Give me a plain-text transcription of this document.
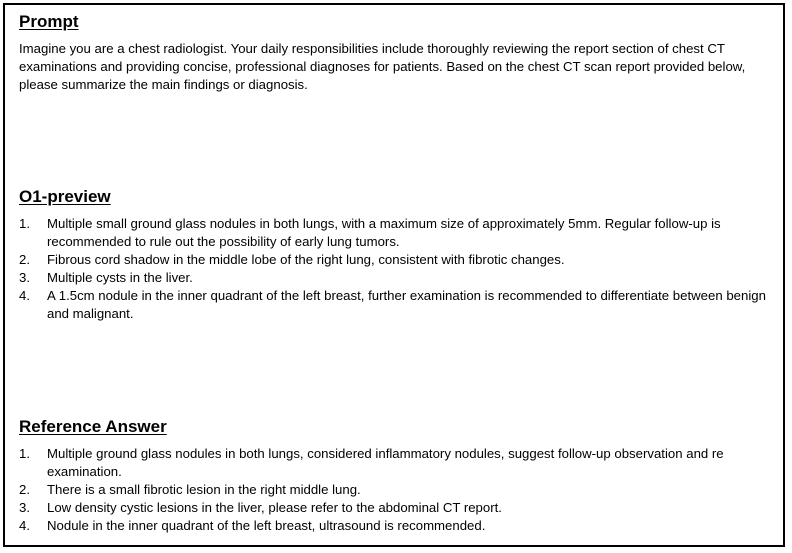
Prompt

Imagine you are a chest radiologist. Your daily responsibilities include thoroughly reviewing the report section of chest CT examinations and providing concise, professional diagnoses for patients. Based on the chest CT scan report provided below, please summarize the main findings or diagnosis.

O1-preview
1. Multiple small ground glass nodules in both lungs, with a maximum size of approximately 5mm. Regular follow-up is recommended to rule out the possibility of early lung tumors.
2. Fibrous cord shadow in the middle lobe of the right lung, consistent with fibrotic changes.
3. Multiple cysts in the liver.
4. A 1.5cm nodule in the inner quadrant of the left breast, further examination is recommended to differentiate between benign and malignant.
Reference Answer
1. Multiple ground glass nodules in both lungs, considered inflammatory nodules, suggest follow-up observation and re examination.
2. There is a small fibrotic lesion in the right middle lung.
3. Low density cystic lesions in the liver, please refer to the abdominal CT report.
4. Nodule in the inner quadrant of the left breast, ultrasound is recommended.
